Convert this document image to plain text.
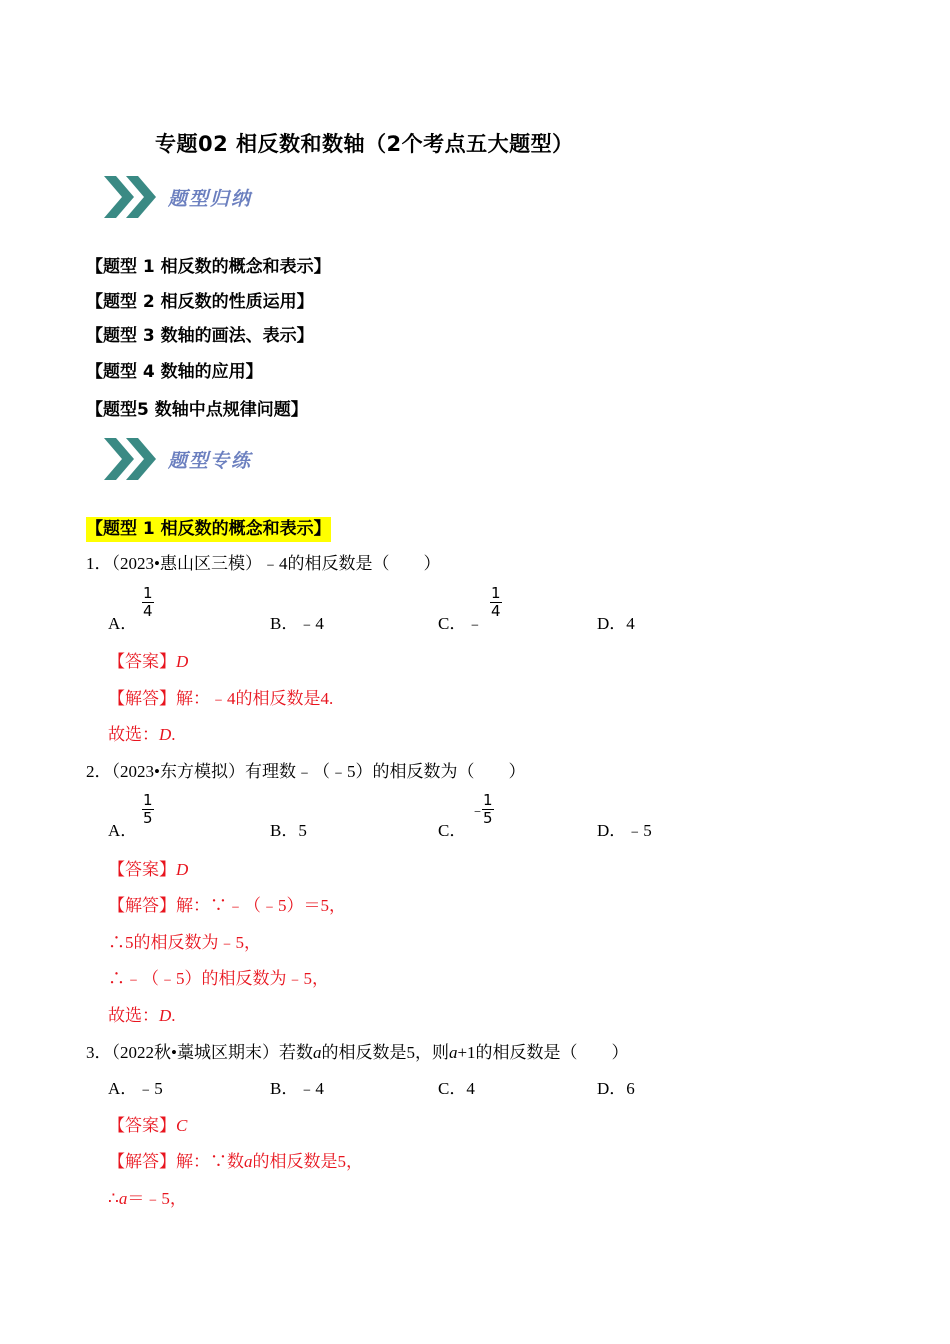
专题02 相反数和数轴（2个考点五大题型）
题型归纳
【题型 1 相反数的概念和表示】
【题型 2 相反数的性质运用】
【题型 3 数轴的画法、表示】
【题型 4 数轴的应用】
【题型5 数轴中点规律问题】
题型专练
【题型 1 相反数的概念和表示】
1．（2023•惠山区三模）﹣4的相反数是（　　）
A．
$\frac{1}{4}$
B．﹣4	C．﹣
$\frac{1}{4}$
D．4
【答案】D
【解答】解：﹣4的相反数是4.
故选：D.
2．（2023•东方模拟）有理数﹣（﹣5）的相反数为（　　）
A．
$\frac{1}{5}$
B．5	C．
﹣
$\frac{1}{5}$
D．﹣5
【答案】D
【解答】解：∵﹣（﹣5）＝5，
∴5的相反数为﹣5，
∴﹣（﹣5）的相反数为﹣5，
故选：D.
3．（2022秋•藁城区期末）若数a的相反数是5，则a+1的相反数是（　　）
A．﹣5	B．﹣4	C．4	D．6
【答案】C
【解答】解：∵数a的相反数是5，
∴a＝﹣5，
